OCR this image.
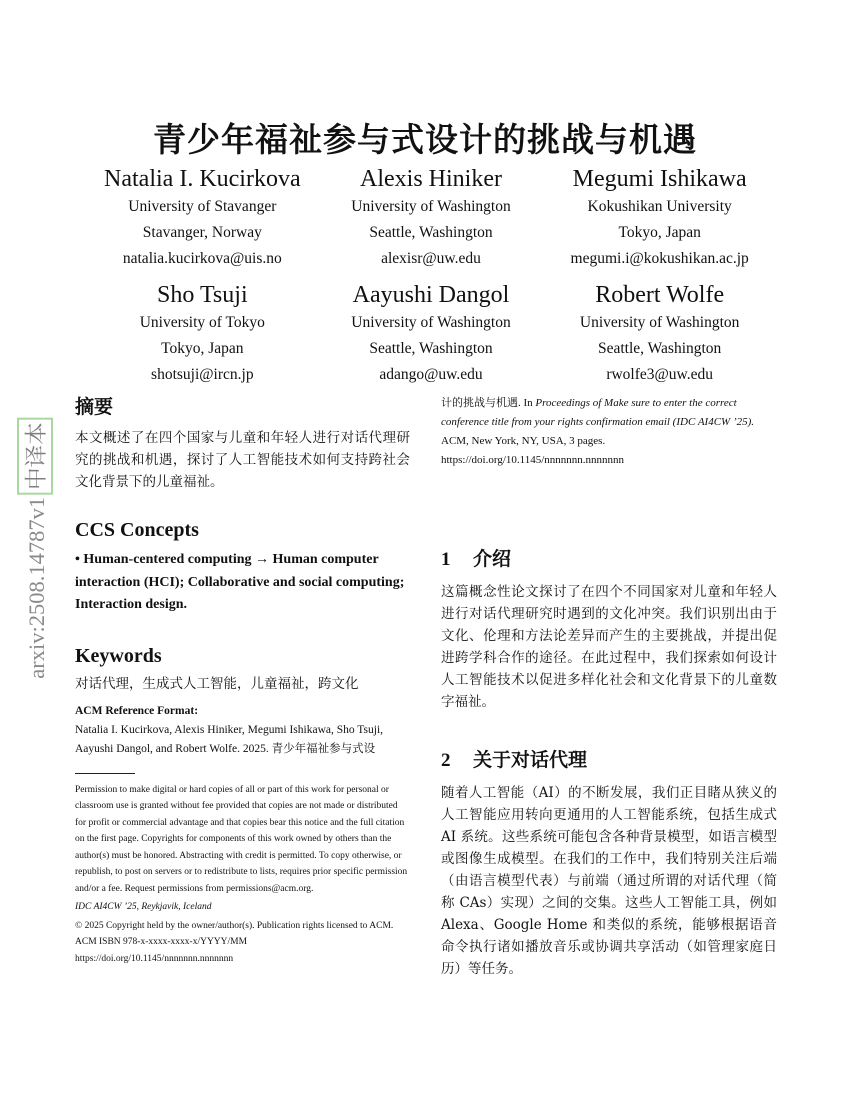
青少年福祉参与式设计的挑战与机遇
Natalia I. Kucirkova
University of Stavanger
Stavanger, Norway
natalia.kucirkova@uis.no
Alexis Hiniker
University of Washington
Seattle, Washington
alexisr@uw.edu
Megumi Ishikawa
Kokushikan University
Tokyo, Japan
megumi.i@kokushikan.ac.jp
Sho Tsuji
University of Tokyo
Tokyo, Japan
shotsuji@ircn.jp
Aayushi Dangol
University of Washington
Seattle, Washington
adango@uw.edu
Robert Wolfe
University of Washington
Seattle, Washington
rwolfe3@uw.edu
arxiv:2508.14787v1中译本
摘要
本文概述了在四个国家与儿童和年轻人进行对话代理研究的挑战和机遇，探讨了人工智能技术如何支持跨社会文化背景下的儿童福祉。
CCS Concepts
• Human-centered computing → Human computer interaction (HCI); Collaborative and social computing; Interaction design.
Keywords
对话代理，生成式人工智能，儿童福祉，跨文化
ACM Reference Format:
Natalia I. Kucirkova, Alexis Hiniker, Megumi Ishikawa, Sho Tsuji, Aayushi Dangol, and Robert Wolfe. 2025. 青少年福祉参与式设

Permission to make digital or hard copies of all or part of this work for personal or classroom use is granted without fee provided that copies are not made or distributed for profit or commercial advantage and that copies bear this notice and the full citation on the first page. Copyrights for components of this work owned by others than the author(s) must be honored. Abstracting with credit is permitted. To copy otherwise, or republish, to post on servers or to redistribute to lists, requires prior specific permission and/or a fee. Request permissions from permissions@acm.org.

IDC AI4CW ’25, Reykjavik, Iceland

© 2025 Copyright held by the owner/author(s). Publication rights licensed to ACM.

ACM ISBN 978-x-xxxx-xxxx-x/YYYY/MM

https://doi.org/10.1145/nnnnnnn.nnnnnnn

计的挑战与机遇. In Proceedings of Make sure to enter the correct conference title from your rights confirmation email (IDC AI4CW ’25). ACM, New York, NY, USA, 3 pages. https://doi.org/10.1145/nnnnnnn.nnnnnnn
1 介绍
这篇概念性论文探讨了在四个不同国家对儿童和年轻人进行对话代理研究时遇到的文化冲突。我们识别出由于文化、伦理和方法论差异而产生的主要挑战，并提出促进跨学科合作的途径。在此过程中，我们探索如何设计人工智能技术以促进多样化社会和文化背景下的儿童数字福祉。
2 关于对话代理
随着人工智能（AI）的不断发展，我们正目睹从狭义的人工智能应用转向更通用的人工智能系统，包括生成式 AI 系统。这些系统可能包含各种背景模型，如语言模型或图像生成模型。在我们的工作中，我们特别关注后端（由语言模型代表）与前端（通过所谓的对话代理（简称 CAs）实现）之间的交集。这些人工智能工具，例如 Alexa、Google Home 和类似的系统，能够根据语音命令执行诸如播放音乐或协调共享活动（如管理家庭日历）等任务。
